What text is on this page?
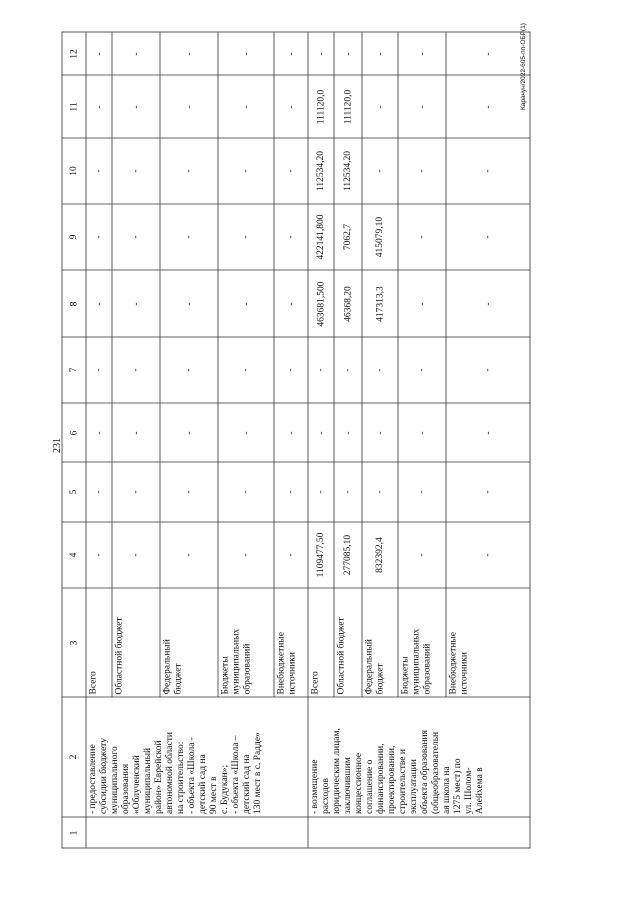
231
Карачун/2022-605-пп-ОБР(1)
1
2
3
4
5
6
7
8
9
10
11
12
- предоставление
субсидии бюджету
муниципального
образования
«Облученский
муниципальный
район» Еврейской
автономной области
на строительство:
- объекта «Школа -
детский сад на
90 мест в
с. Будукан»;
- объекта «Школа –
детский сад на
130 мест в с. Радде»
Всего
-
-
-
-
-
-
-
-
-
Областной бюджет
-
-
-
-
-
-
-
-
-
Федеральный
бюджет
-
-
-
-
-
-
-
-
-
Бюджеты
муниципальных
образований
-
-
-
-
-
-
-
-
-
Внебюджетные
источники
-
-
-
-
-
-
-
-
-
- возмещение
расходов
юридическим лицам,
заключившим
концессионное
соглашение о
финансировании,
проектировании,
строительстве и
эксплуатации
объекта образования
(общеобразовательн
ая школа на
1275 мест) по
ул. Шолом-
Алейхема в
Всего
1109477,50
-
-
-
463681,500
422141,800
112534,20
111120,0
-
Областной бюджет
277085,10
-
-
-
46368,20
7062,7
112534,20
111120,0
-
Федеральный
бюджет
832392,4
-
-
-
417313,3
415079,10
-
-
-
Бюджеты
муниципальных
образований
-
-
-
-
-
-
-
-
-
Внебюджетные
источники
-
-
-
-
-
-
-
-
-
